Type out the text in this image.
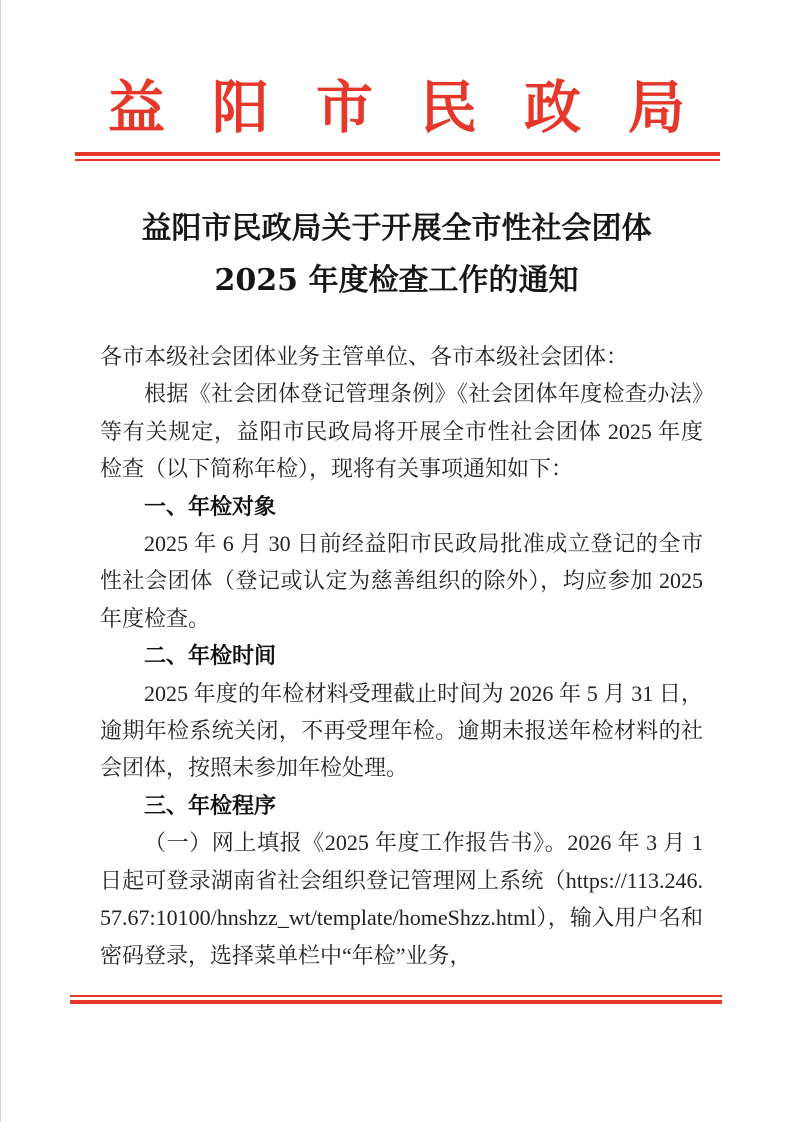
益阳市民政局
益阳市民政局关于开展全市性社会团体
2025 年度检查工作的通知

各市本级社会团体业务主管单位、各市本级社会团体：

根据《社会团体登记管理条例》《社会团体年度检查办法》等有关规定，益阳市民政局将开展全市性社会团体 2025 年度检查（以下简称年检），现将有关事项通知如下：

一、年检对象

2025 年 6 月 30 日前经益阳市民政局批准成立登记的全市性社会团体（登记或认定为慈善组织的除外），均应参加 2025 年度检查。

二、年检时间

2025 年度的年检材料受理截止时间为 2026 年 5 月 31 日，逾期年检系统关闭，不再受理年检。逾期未报送年检材料的社会团体，按照未参加年检处理。

三、年检程序

（一）网上填报《2025 年度工作报告书》。2026 年 3 月 1 日起可登录湖南省社会组织登记管理网上系统（https://113.246.57.67:10100/hnshzz_wt/template/homeShzz.html），输入用户名和密码登录，选择菜单栏中“年检”业务，
